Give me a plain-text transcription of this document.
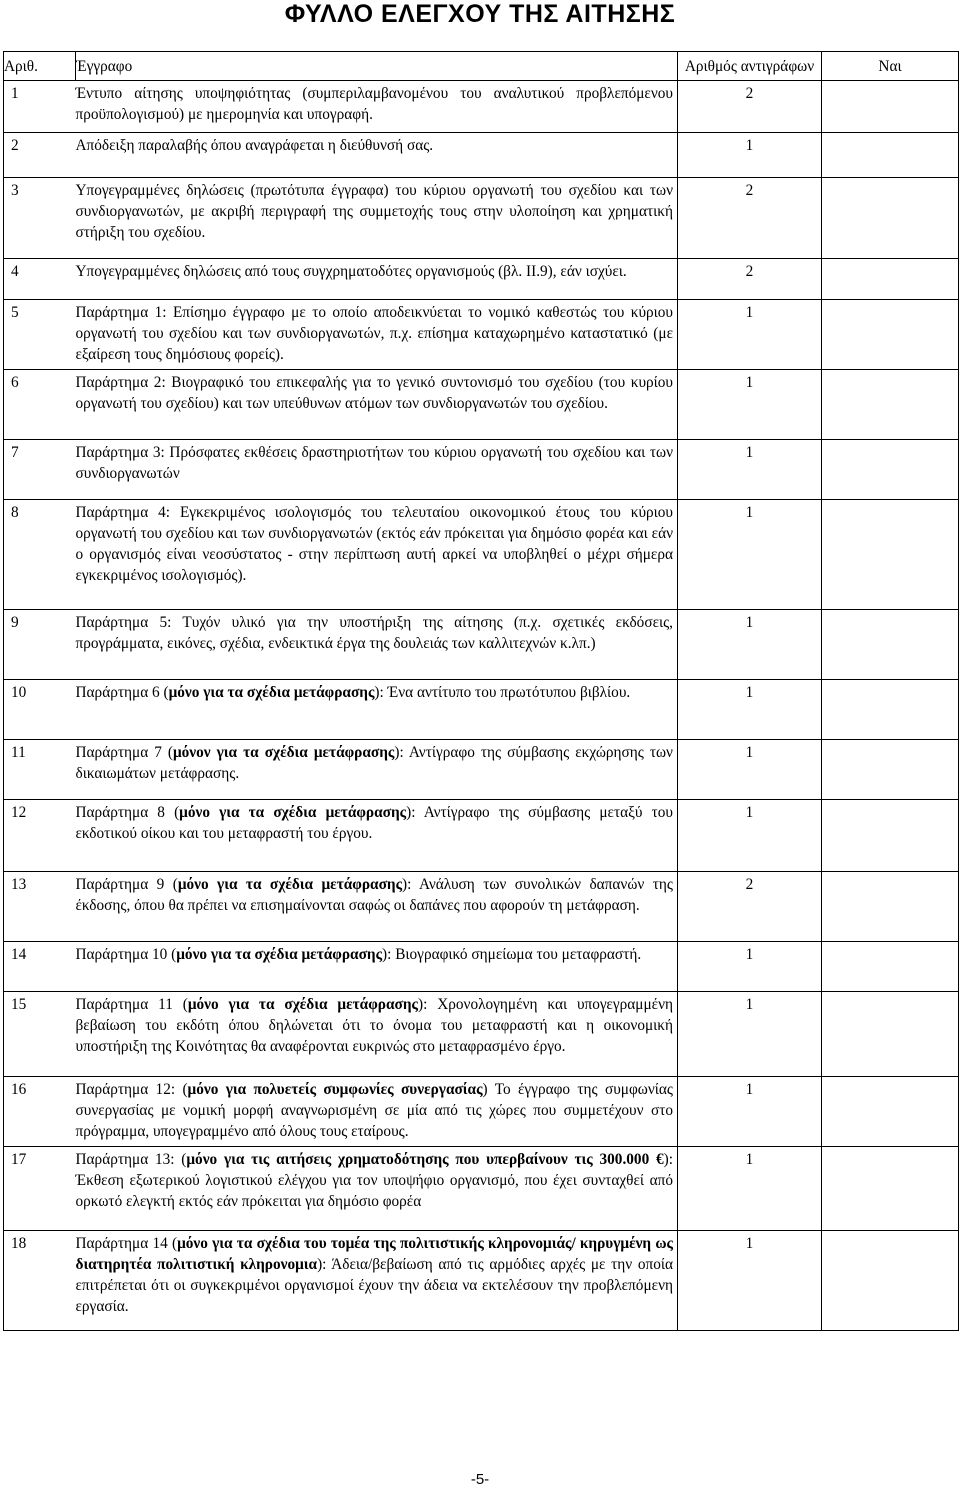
ΦΥΛΛΟ ΕΛΕΓΧΟΥ ΤΗΣ ΑΙΤΗΣΗΣ
Αριθ.	Έγγραφο	Αριθμός αντιγράφων	Ναι
1	Έντυπο αίτησης υποψηφιότητας (συμπεριλαμβανομένου του αναλυτικού προβλεπόμενου προϋπολογισμού) με ημερομηνία και υπογραφή.	2	
2	Απόδειξη παραλαβής όπου αναγράφεται η διεύθυνσή σας.	1	
3	Υπογεγραμμένες δηλώσεις (πρωτότυπα έγγραφα) του κύριου οργανωτή του σχεδίου και των συνδιοργανωτών, με ακριβή περιγραφή της συμμετοχής τους στην υλοποίηση και χρηματική στήριξη του σχεδίου.	2	
4	Υπογεγραμμένες δηλώσεις από τους συγχρηματοδότες οργανισμούς (βλ. ΙΙ.9), εάν ισχύει.	2	
5	Παράρτημα 1: Επίσημο έγγραφο με το οποίο αποδεικνύεται το νομικό καθεστώς του κύριου οργανωτή του σχεδίου και των συνδιοργανωτών, π.χ. επίσημα καταχωρημένο καταστατικό (με εξαίρεση τους δημόσιους φορείς).	1	
6	Παράρτημα 2: Βιογραφικό του επικεφαλής για το γενικό συντονισμό του σχεδίου (του κυρίου οργανωτή του σχεδίου) και των υπεύθυνων ατόμων των συνδιοργανωτών του σχεδίου.	1	
7	Παράρτημα 3: Πρόσφατες εκθέσεις δραστηριοτήτων του κύριου οργανωτή του σχεδίου και των συνδιοργανωτών	1	
8	Παράρτημα 4: Εγκεκριμένος ισολογισμός του τελευταίου οικονομικού έτους του κύριου οργανωτή του σχεδίου και των συνδιοργανωτών (εκτός εάν πρόκειται για δημόσιο φορέα και εάν ο οργανισμός είναι νεοσύστατος - στην περίπτωση αυτή αρκεί να υποβληθεί ο μέχρι σήμερα εγκεκριμένος ισολογισμός).	1	
9	Παράρτημα 5: Τυχόν υλικό για την υποστήριξη της αίτησης (π.χ. σχετικές εκδόσεις, προγράμματα, εικόνες, σχέδια, ενδεικτικά έργα της δουλειάς των καλλιτεχνών κ.λπ.)	1	
10	Παράρτημα 6 (μόνο για τα σχέδια μετάφρασης): Ένα αντίτυπο του πρωτότυπου βιβλίου.	1	
11	Παράρτημα 7 (μόνον για τα σχέδια μετάφρασης): Αντίγραφο της σύμβασης εκχώρησης των δικαιωμάτων μετάφρασης.	1	
12	Παράρτημα 8 (μόνο για τα σχέδια μετάφρασης): Αντίγραφο της σύμβασης μεταξύ του εκδοτικού οίκου και του μεταφραστή του έργου.	1	
13	Παράρτημα 9 (μόνο για τα σχέδια μετάφρασης): Ανάλυση των συνολικών δαπανών της έκδοσης, όπου θα πρέπει να επισημαίνονται σαφώς οι δαπάνες που αφορούν τη μετάφραση.	2	
14	Παράρτημα 10 (μόνο για τα σχέδια μετάφρασης): Βιογραφικό σημείωμα του μεταφραστή.	1	
15	Παράρτημα 11 (μόνο για τα σχέδια μετάφρασης): Χρονολογημένη και υπογεγραμμένη βεβαίωση του εκδότη όπου δηλώνεται ότι το όνομα του μεταφραστή και η οικονομική υποστήριξη της Κοινότητας θα αναφέρονται ευκρινώς στο μεταφρασμένο έργο.	1	
16	Παράρτημα 12: (μόνο για πολυετείς συμφωνίες συνεργασίας) Το έγγραφο της συμφωνίας συνεργασίας με νομική μορφή αναγνωρισμένη σε μία από τις χώρες που συμμετέχουν στο πρόγραμμα, υπογεγραμμένο από όλους τους εταίρους.	1	
17	Παράρτημα 13: (μόνο για τις αιτήσεις χρηματοδότησης που υπερβαίνουν τις 300.000 €): Έκθεση εξωτερικού λογιστικού ελέγχου για τον υποψήφιο οργανισμό, που έχει συνταχθεί από ορκωτό ελεγκτή εκτός εάν πρόκειται για δημόσιο φορέα	1	
18	Παράρτημα 14 (μόνο για τα σχέδια του τομέα της πολιτιστικής κληρονομιάς/ κηρυγμένη ως διατηρητέα πολιτιστική κληρονομια): Άδεια/βεβαίωση από τις αρμόδιες αρχές με την οποία επιτρέπεται ότι οι συγκεκριμένοι οργανισμοί έχουν την άδεια να εκτελέσουν την προβλεπόμενη εργασία.	1	
-5-
